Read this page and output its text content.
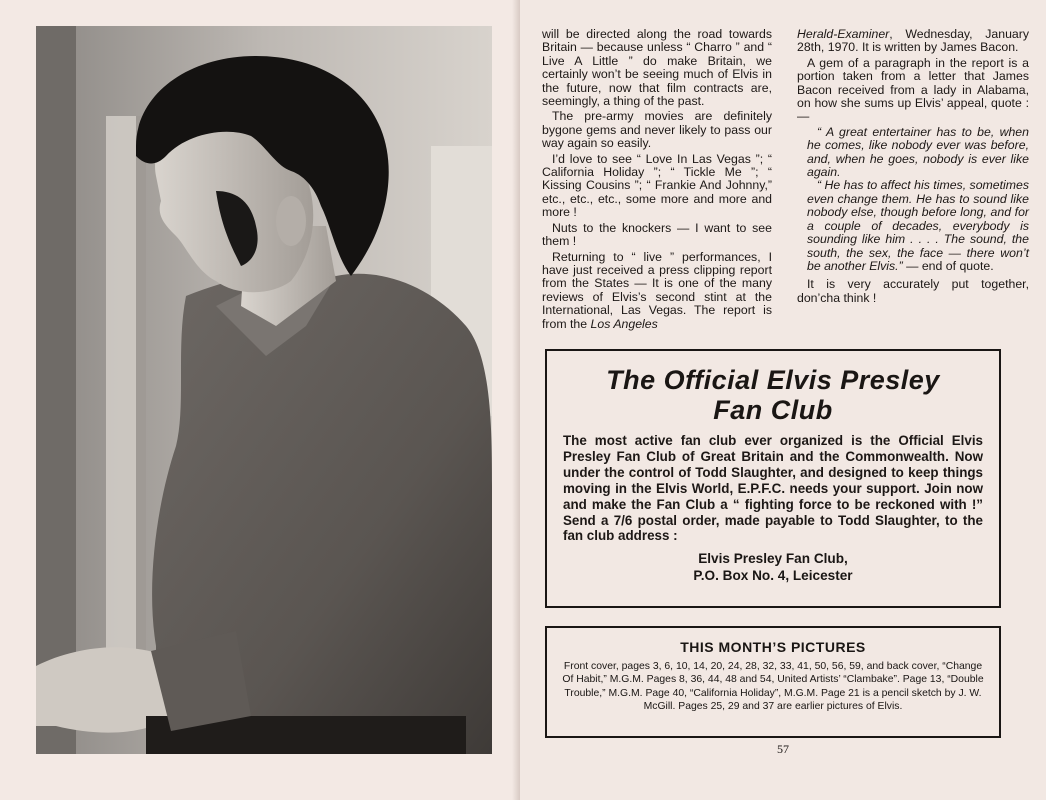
will be directed along the road towards Britain — because unless “ Charro ” and “ Live A Little ” do make Britain, we certainly won’t be seeing much of Elvis in the future, now that film contracts are, seemingly, a thing of the past.

The pre-army movies are definitely bygone gems and never likely to pass our way again so easily.

I’d love to see “ Love In Las Vegas ”; “ California Holiday ”; “ Tickle Me ”; “ Kissing Cousins ”; “ Frankie And Johnny,” etc., etc., etc., some more and more and more !

Nuts to the knockers — I want to see them !

Returning to “ live ” performances, I have just received a press clipping report from the States — It is one of the many reviews of Elvis’s second stint at the International, Las Vegas. The report is from the Los Angeles

Herald-Examiner, Wednesday, January 28th, 1970. It is written by James Bacon.

A gem of a paragraph in the report is a portion taken from a letter that James Bacon received from a lady in Alabama, on how she sums up Elvis’ appeal, quote :—

“ A great entertainer has to be, when he comes, like nobody ever was before, and, when he goes, nobody is ever like again.

“ He has to affect his times, sometimes even change them. He has to sound like nobody else, though before long, and for a couple of decades, everybody is sounding like him . . . . The sound, the south, the sex, the face — there won’t be another Elvis.” — end of quote.

It is very accurately put together, don’cha think !

The Official Elvis Presley
Fan Club
The most active fan club ever organized is the Official Elvis Presley Fan Club of Great Britain and the Commonwealth. Now under the control of Todd Slaughter, and designed to keep things moving in the Elvis World, E.P.F.C. needs your support. Join now and make the Fan Club a “ fighting force to be reckoned with !” Send a 7/6 postal order, made payable to Todd Slaughter, to the fan club address :
Elvis Presley Fan Club,
P.O. Box No. 4, Leicester
THIS MONTH’S PICTURES
Front cover, pages 3, 6, 10, 14, 20, 24, 28, 32, 33, 41, 50, 56, 59, and back cover, “Change Of Habit,” M.G.M. Pages 8, 36, 44, 48 and 54, United Artists’ “Clambake”. Page 13, “Double Trouble,” M.G.M. Page 40, “California Holiday”, M.G.M. Page 21 is a pencil sketch by J. W. McGill. Pages 25, 29 and 37 are earlier pictures of Elvis.
57
